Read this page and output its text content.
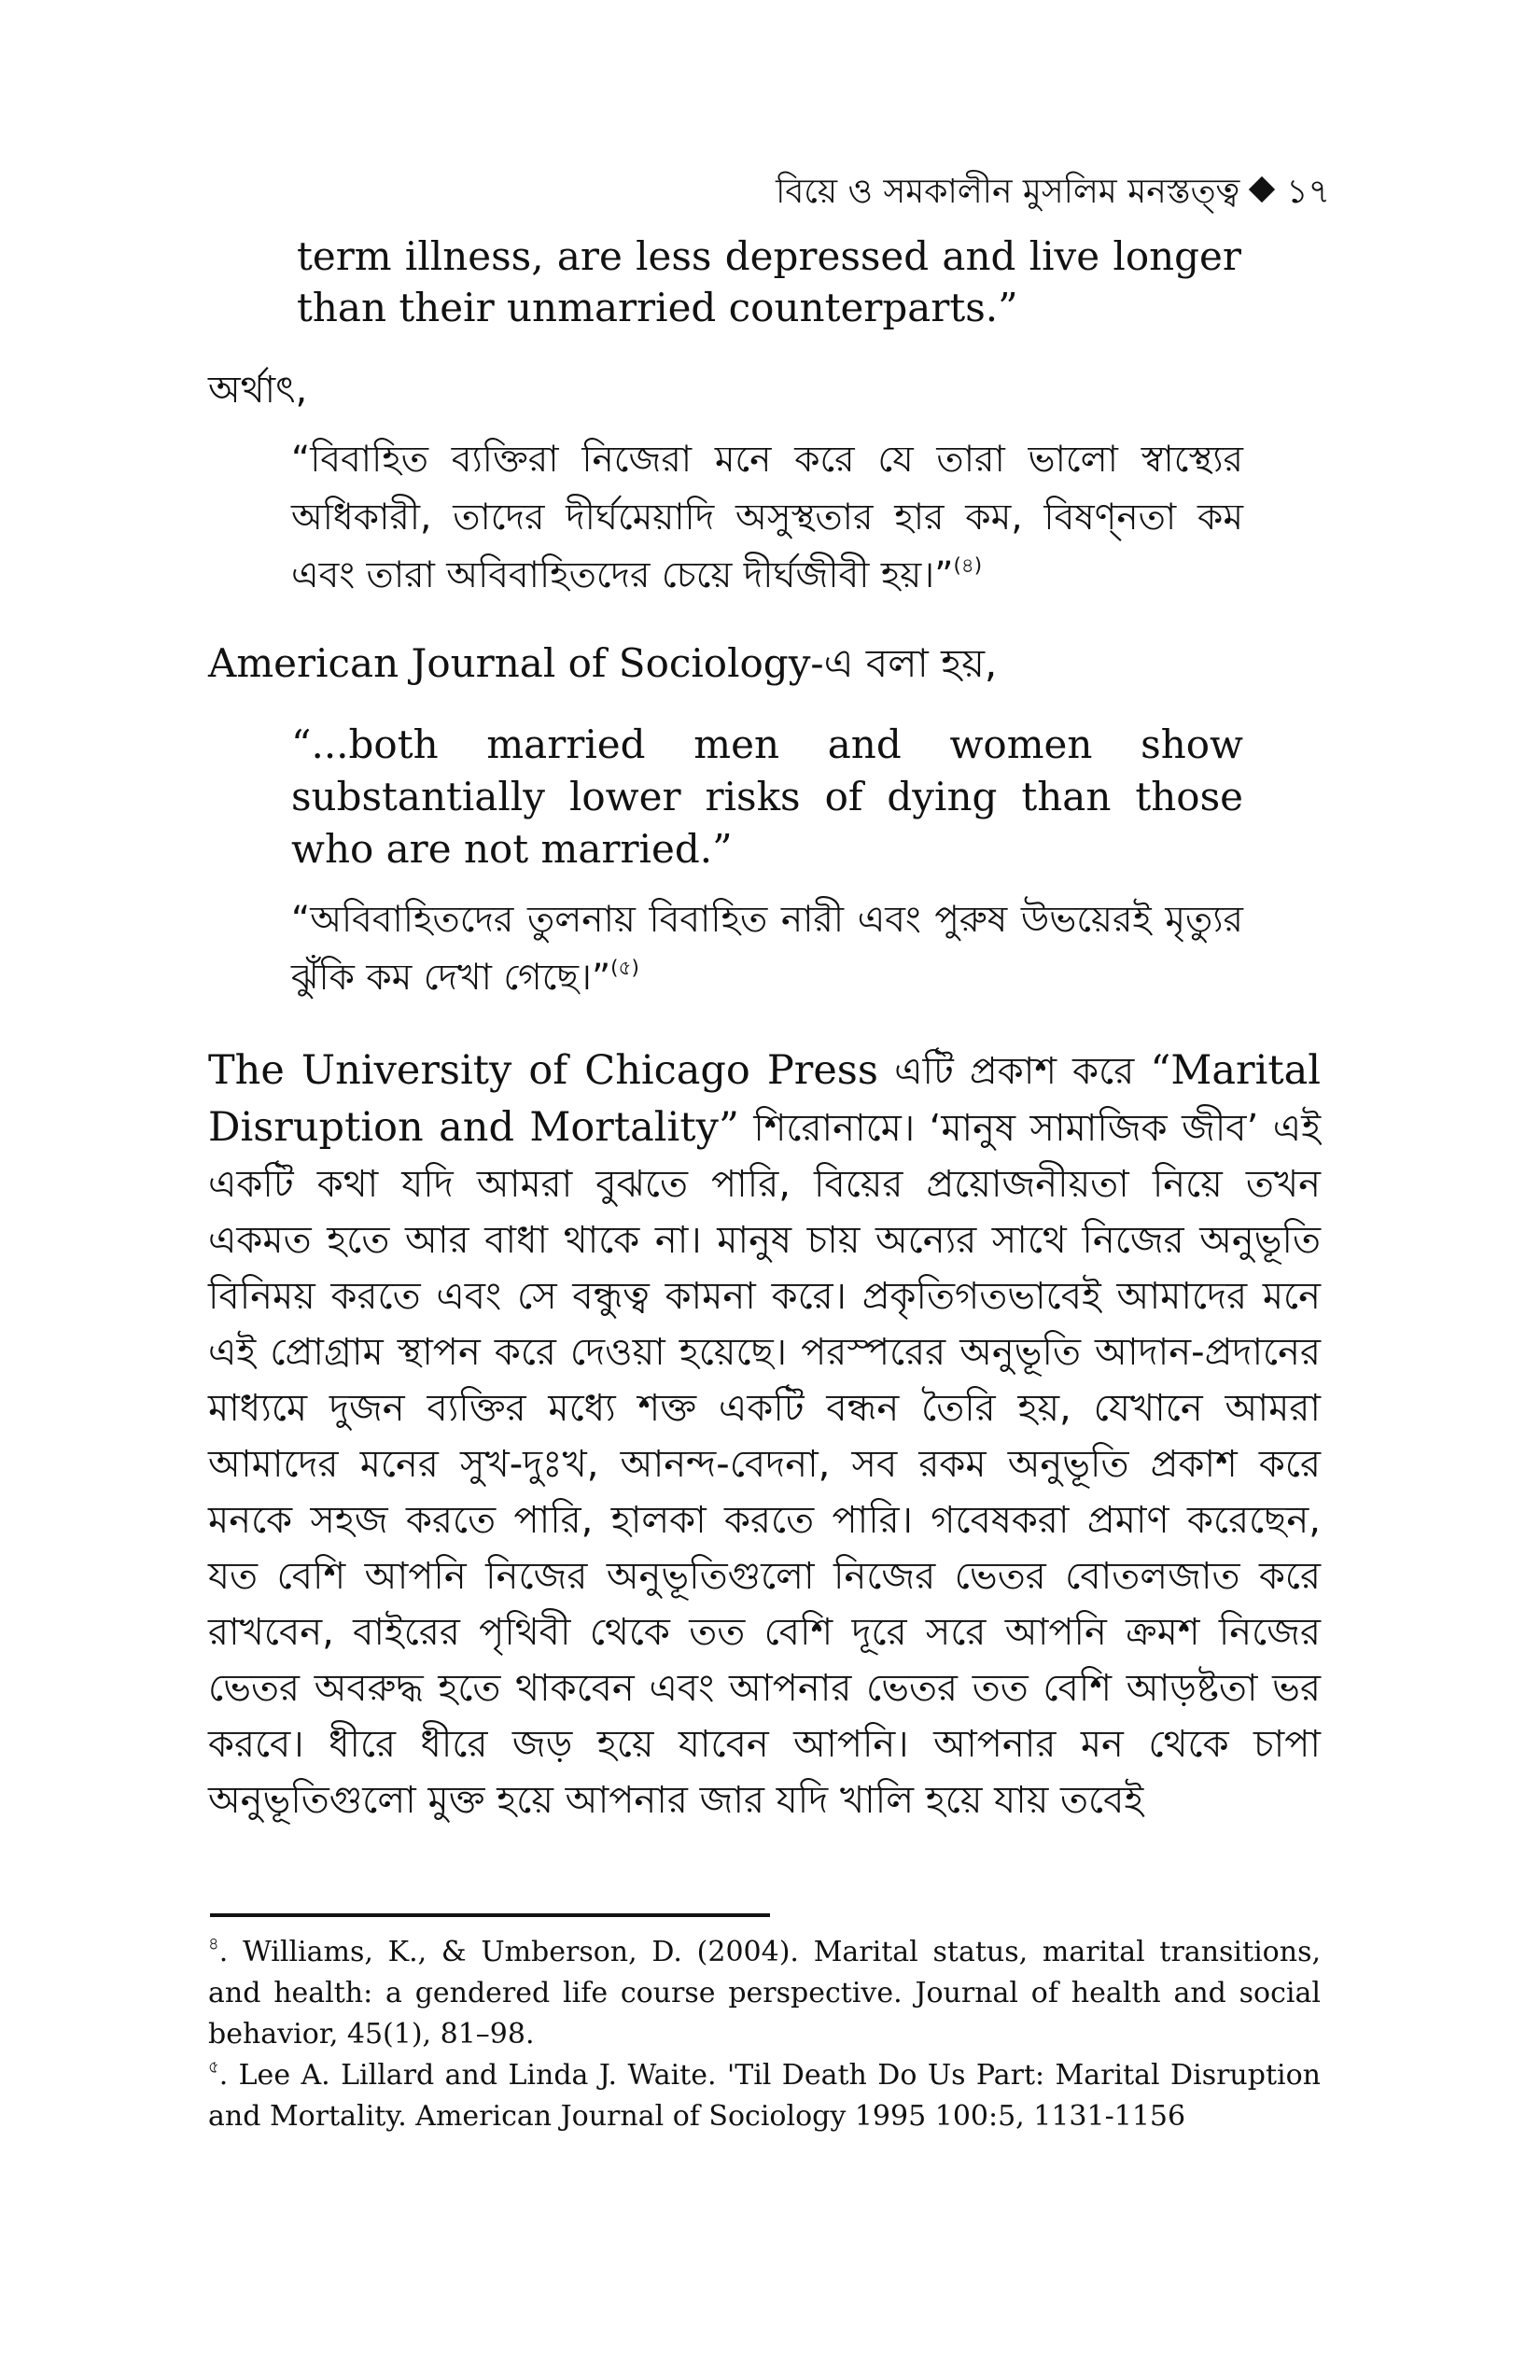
বিয়ে ও সমকালীন মুসলিম মনস্তত্ত্ব ১৭

term illness, are less depressed and live longer than their unmarried counterparts.”

অর্থাৎ,

“বিবাহিত ব্যক্তিরা নিজেরা মনে করে যে তারা ভালো স্বাস্থ্যের অধিকারী, তাদের দীর্ঘমেয়াদি অসুস্থতার হার কম, বিষণ্নতা কম এবং তারা অবিবাহিতদের চেয়ে দীর্ঘজীবী হয়।”$^{(৪)}$

American Journal of Sociology-এ বলা হয়,

“...both married men and women show substantially lower risks of dying than those who are not married.”

“অবিবাহিতদের তুলনায় বিবাহিত নারী এবং পুরুষ উভয়েরই মৃত্যুর ঝুঁকি কম দেখা গেছে।”$^{(৫)}$

The University of Chicago Press এটি প্রকাশ করে “Marital Disruption and Mortality” শিরোনামে। ‘মানুষ সামাজিক জীব’ এই একটি কথা যদি আমরা বুঝতে পারি, বিয়ের প্রয়োজনীয়তা নিয়ে তখন একমত হতে আর বাধা থাকে না। মানুষ চায় অন্যের সাথে নিজের অনুভূতি বিনিময় করতে এবং সে বন্ধুত্ব কামনা করে। প্রকৃতিগতভাবেই আমাদের মনে এই প্রোগ্রাম স্থাপন করে দেওয়া হয়েছে। পরস্পরের অনুভূতি আদান-প্রদানের মাধ্যমে দুজন ব্যক্তির মধ্যে শক্ত একটি বন্ধন তৈরি হয়, যেখানে আমরা আমাদের মনের সুখ-দুঃখ, আনন্দ-বেদনা, সব রকম অনুভূতি প্রকাশ করে মনকে সহজ করতে পারি, হালকা করতে পারি। গবেষকরা প্রমাণ করেছেন, যত বেশি আপনি নিজের অনুভূতিগুলো নিজের ভেতর বোতলজাত করে রাখবেন, বাইরের পৃথিবী থেকে তত বেশি দূরে সরে আপনি ক্রমশ নিজের ভেতর অবরুদ্ধ হতে থাকবেন এবং আপনার ভেতর তত বেশি আড়ষ্টতা ভর করবে। ধীরে ধীরে জড় হয়ে যাবেন আপনি। আপনার মন থেকে চাপা অনুভূতিগুলো মুক্ত হয়ে আপনার জার যদি খালি হয়ে যায় তবেই

$^৪$. Williams, K., & Umberson, D. (2004). Marital status, marital transitions, and health: a gendered life course perspective. Journal of health and social behavior, 45(1), 81–98.

$^৫$. Lee A. Lillard and Linda J. Waite. 'Til Death Do Us Part: Marital Disruption and Mortality. American Journal of Sociology 1995 100:5, 1131-1156
